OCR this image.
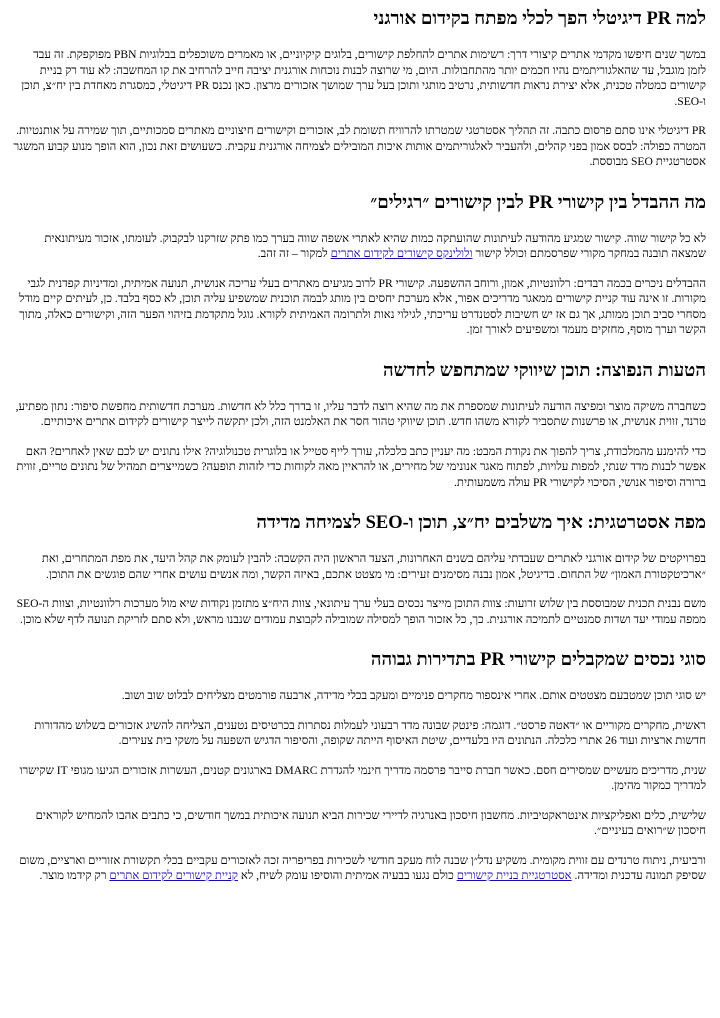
למה PR דיגיטלי הפך לכלי מפתח בקידום אורגני

במשך שנים חיפשו מקדמי אתרים קיצורי דרך: רשימות אתרים להחלפת קישורים, בלוגים קיקיוניים, או מאמרים משוכפלים בבלוגיות PBN מפוקפקת. זה עבד לזמן מוגבל, עד שהאלגוריתמים נהיו חכמים יותר מהתחבולות. היום, מי שרוצה לבנות נוכחות אורגנית יציבה חייב להרחיב את קו המחשבה: לא עוד רק בניית קישורים כמטלה טכנית, אלא יצירת נראות חדשותית, נרטיב מותגי ותוכן בעל ערך שמושך אזכורים מרצון. כאן נכנס PR דיגיטלי, כמסגרת מאחדת בין יח״צ, תוכן ו-SEO.

PR דיגיטלי אינו סתם פרסום כתבה. זה תהליך אסטרטגי שמטרתו להרוויח תשומת לב, אזכורים וקישורים חיצוניים מאתרים סמכותיים, תוך שמירה על אותנטיות. המטרה כפולה: לבסס אמון בפני קהלים, ולהעביר לאלגוריתמים אותות איכות המובילים לצמיחה אורגנית עקבית. כשעושים זאת נכון, הוא הופך מנוע קבוע המשגר אסטרטגיית SEO מבוססת.

מה ההבדל בין קישורי PR לבין קישורים ״רגילים״

לא כל קישור שווה. קישור שמגיע מהודעה לעיתונות שהועתקה כמות שהיא לאתרי אשפה שווה בערך כמו פתק שזרקנו לבקבוק. לעומתו, אזכור מעיתונאית שמצאה תובנה במחקר מקורי שפרסמתם וכולל קישור ולולינקס קישורים לקידום אתרים למקור – זה זהב.

ההבדלים ניכרים בכמה רבדים: רלוונטיות, אמון, ורוחב ההשפעה. קישורי PR לרוב מגיעים מאתרים בעלי עריכה אנושית, תנועה אמיתית, ומדיניות קפדנית לגבי מקורות. זו אינה עוד קניית קישורים ממאגר מדריכים אפור, אלא מערכת יחסים בין מותג לבמה תוכנית שמשפיע עליה תוכן, לא כסף בלבד. כן, לעיתים קיים מודל מסחרי סביב תוכן ממותג, אך גם אז יש חשיבות לסטנדרט עריכתי, לגילוי נאות ולתרומה האמיתית לקורא. גוגל מתקדמת בזיהוי הפער הזה, וקישורים כאלה, מתוך הקשר וערך מוסף, מחזקים מעמד ומשפיעים לאורך זמן.

הטעות הנפוצה: תוכן שיווקי שמתחפש לחדשה

כשחברה משיקה מוצר ומפיצה הודעה לעיתונות שמספרת את מה שהיא רוצה לדבר עליו, זו בדרך כלל לא חדשות. מערכת חדשותית מחפשת סיפור: נתון מפתיע, טרנד, זווית אנושית, או פרשנות שתסביר לקורא משהו חדש. תוכן שיווקי טהור חסר את האלמנט הזה, ולכן יתקשה לייצר קישורים לקידום אתרים איכותיים.

כדי להימנע מהמלכודת, צריך להפוך את נקודת המבט: מה יעניין כתב כלכלה, עורך לייף סטייל או בלוגרית טכנולוגיה? אילו נתונים יש לכם שאין לאחרים? האם אפשר לבנות מדד שנתי, למפות עלויות, לפתוח מאגר אנונימי של מחירים, או להראיין מאה לקוחות כדי לזהות תופעה? כשמייצרים תמהיל של נתונים טריים, זווית ברורה וסיפור אנושי, הסיכוי לקישורי PR עולה משמעותית.

מפה אסטרטגית: איך משלבים יח״צ, תוכן ו-SEO לצמיחה מדידה

בפרויקטים של קידום אורגני לאתרים שעבדתי עליהם בשנים האחרונות, הצעד הראשון היה הקשבה: להבין לעומק את קהל היעד, את מפת המתחרים, ואת ״ארכיטקטורת האמון״ של התחום. בדיגיטל, אמון נבנה מסימנים זעירים: מי מצטט אתכם, באיזה הקשר, ומה אנשים עושים אחרי שהם פוגשים את התוכן.

משם נבנית תכנית שמבוססת בין שלוש זרועות: צוות התוכן מייצר נכסים בעלי ערך עיתונאי, צוות היח״צ מתזמן נקודות שיא מול מערכות רלוונטיות, וצוות ה-SEO ממפה עמודי יעד ושדות סמנטיים לתמיכה אורגנית. כך, כל אזכור הופך למסילה שמובילה לקבוצת עמודים שנבנו מראש, ולא סתם לזריקת תנועה לדף שלא מוכן.

סוגי נכסים שמקבלים קישורי PR בתדירות גבוהה

יש סוגי תוכן שמטבעם מצטטים אותם. אחרי אינספור מחקרים פנימיים ומעקב בכלי מדידה, ארבעה פורמטים מצליחים לבלוט שוב ושוב.

ראשית, מחקרים מקוריים או ״דאטה פרסט״. דוגמה: פינטק שבונה מדד רבעוני לעמלות נסתרות בכרטיסים נטענים, הצליחה להשיג אזכורים בשלוש מהדורות חדשות ארציות ועוד 26 אתרי כלכלה. הנתונים היו בלעדיים, שיטת האיסוף הייתה שקופה, והסיפור הדגיש השפעה על משקי בית צעירים.

שנית, מדריכים מעשיים שמסירים חסם. כאשר חברת סייבר פרסמה מדריך חינמי להגדרת DMARC בארגונים קטנים, העשרות אזכורים הגיעו מגופי IT שקישרו למדריך כמקור מהימן.

שלישית, כלים ואפליקציות אינטראקטיביות. מחשבון חיסכון באנרגיה לדיירי שכירות הביא תנועה איכותית במשך חודשים, כי כתבים אהבו להמחיש לקוראים חיסכון ש״רואים בעיניים״.

ורביעית, ניתוח טרנדים עם זווית מקומית. משקיע נדל״ן שבנה לוח מעקב חודשי לשכירות בפריפריה זכה לאזכורים עקביים בכלי תקשורת אזוריים וארציים, משום שסיפק תמונה עדכנית ומדידה. אסטרטגיית בניית קישורים כולם נגעו בבעיה אמיתית והוסיפו עומק לשיח, לא קניית קישורים לקידום אתרים רק קידמו מוצר.
